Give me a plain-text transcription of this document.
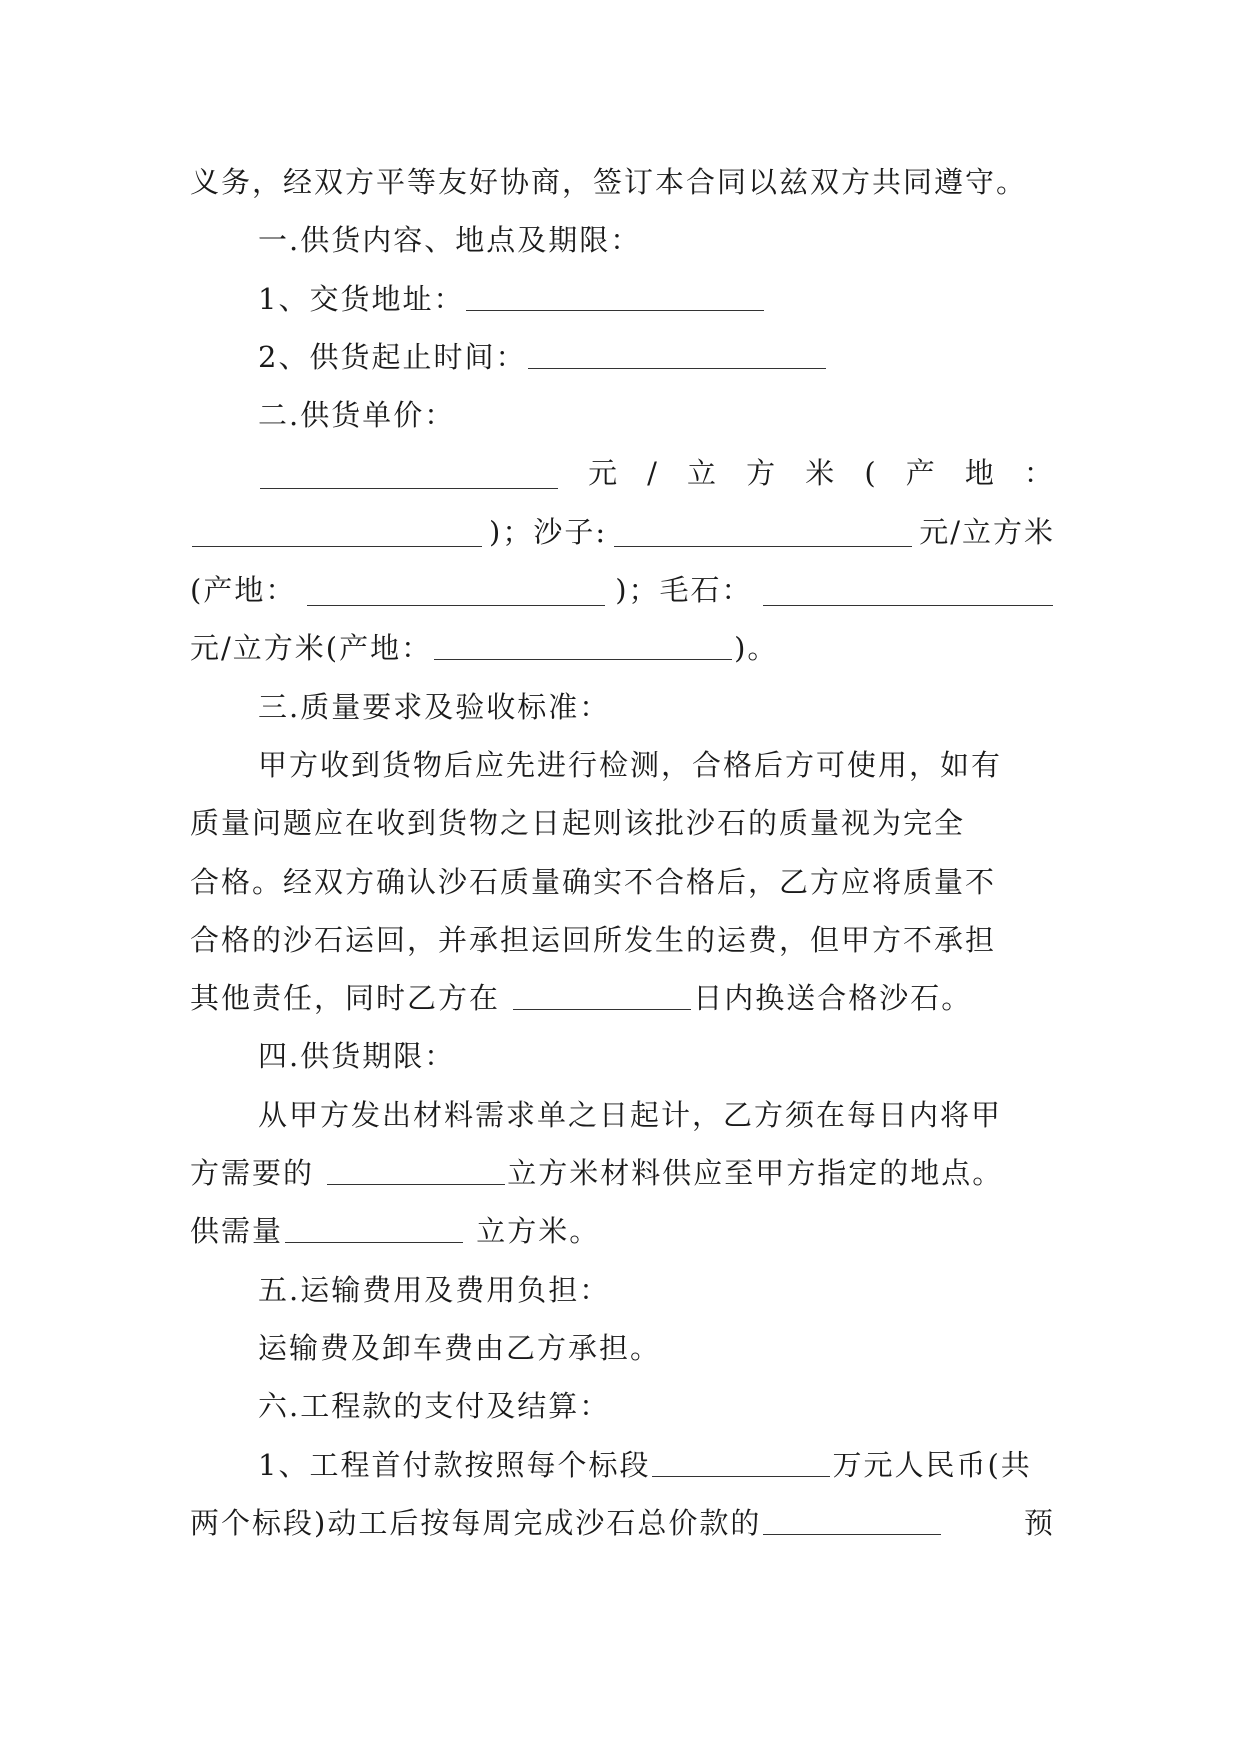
义务，经双方平等友好协商，签订本合同以兹双方共同遵守。
一.供货内容、地点及期限：
1、交货地址：
2、供货起止时间：
二.供货单价：
元 / 立 方 米 ( 产 地 ：
)；沙子:	元/立方米
(产地：	)；毛石：
元/立方米(产地：	)。
三.质量要求及验收标准：
甲方收到货物后应先进行检测，合格后方可使用，如有
质量问题应在收到货物之日起则该批沙石的质量视为完全
合格。经双方确认沙石质量确实不合格后，乙方应将质量不
合格的沙石运回，并承担运回所发生的运费，但甲方不承担
其他责任，同时乙方在	日内换送合格沙石。
四.供货期限：
从甲方发出材料需求单之日起计，乙方须在每日内将甲
方需要的	立方米材料供应至甲方指定的地点。
供需量	立方米。
五.运输费用及费用负担：
运输费及卸车费由乙方承担。
六.工程款的支付及结算：
1、工程首付款按照每个标段	万元人民币(共
两个标段)动工后按每周完成沙石总价款的	预
